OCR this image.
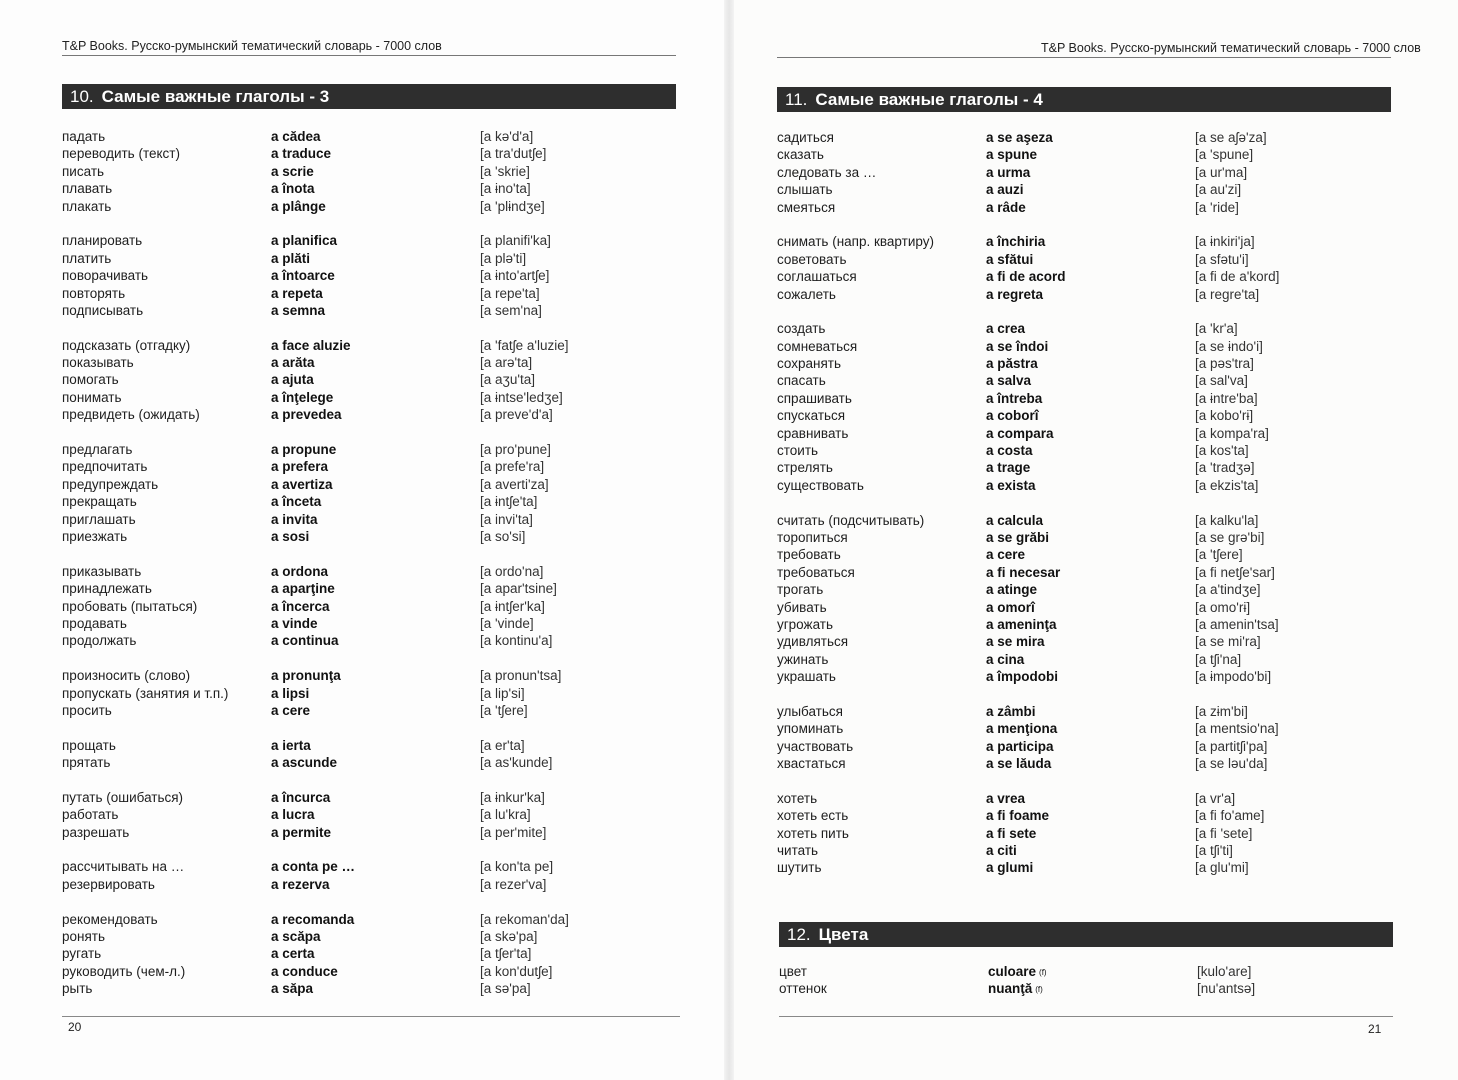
T&P Books. Русско-румынский тематический словарь - 7000 слов
10. Самые важные глаголы - 3
падать	a cădea	[a kə'd'a]
переводить (текст)	a traduce	[a tra'dutʃe]
писать	a scrie	[a 'skrie]
плавать	a înota	[a ɨno'ta]
плакать	a plânge	[a 'plɨndʒe]
планировать	a planifica	[a planifi'ka]
платить	a plăti	[a plə'ti]
поворачивать	a întoarce	[a ɨnto'artʃe]
повторять	a repeta	[a repe'ta]
подписывать	a semna	[a sem'na]
подсказать (отгадку)	a face aluzie	[a 'fatʃe a'luzie]
показывать	a arăta	[a arə'ta]
помогать	a ajuta	[a aʒu'ta]
понимать	a înţelege	[a ɨntse'ledʒe]
предвидеть (ожидать)	a prevedea	[a preve'd'a]
предлагать	a propune	[a pro'pune]
предпочитать	a prefera	[a prefe'ra]
предупреждать	a avertiza	[a averti'za]
прекращать	a înceta	[a ɨntʃe'ta]
приглашать	a invita	[a invi'ta]
приезжать	a sosi	[a so'si]
приказывать	a ordona	[a ordo'na]
принадлежать	a aparţine	[a apar'tsine]
пробовать (пытаться)	a încerca	[a ɨntʃer'ka]
продавать	a vinde	[a 'vinde]
продолжать	a continua	[a kontinu'a]
произносить (слово)	a pronunţa	[a pronun'tsa]
пропускать (занятия и т.п.)	a lipsi	[a lip'si]
просить	a cere	[a 'tʃere]
прощать	a ierta	[a er'ta]
прятать	a ascunde	[a as'kunde]
путать (ошибаться)	a încurca	[a ɨnkur'ka]
работать	a lucra	[a lu'kra]
разрешать	a permite	[a per'mite]
рассчитывать на …	a conta pe …	[a kon'ta pe]
резервировать	a rezerva	[a rezer'va]
рекомендовать	a recomanda	[a rekoman'da]
ронять	a scăpa	[a skə'pa]
ругать	a certa	[a tʃer'ta]
руководить (чем-л.)	a conduce	[a kon'dutʃe]
рыть	a săpa	[a sə'pa]
20
T&P Books. Русско-румынский тематический словарь - 7000 слов
11. Самые важные глаголы - 4
садиться	a se aşeza	[a se aʃə'za]
сказать	a spune	[a 'spune]
следовать за …	a urma	[a ur'ma]
слышать	a auzi	[a au'zi]
смеяться	a râde	[a 'ride]
снимать (напр. квартиру)	a închiria	[a ɨnkiri'ja]
советовать	a sfătui	[a sfətu'i]
соглашаться	a fi de acord	[a fi de a'kord]
сожалеть	a regreta	[a regre'ta]
создать	a crea	[a 'kr'a]
сомневаться	a se îndoi	[a se ɨndo'i]
сохранять	a păstra	[a pəs'tra]
спасать	a salva	[a sal'va]
спрашивать	a întreba	[a ɨntre'ba]
спускаться	a coborî	[a kobo'rɨ]
сравнивать	a compara	[a kompa'ra]
стоить	a costa	[a kos'ta]
стрелять	a trage	[a 'tradʒə]
существовать	a exista	[a ekzis'ta]
считать (подсчитывать)	a calcula	[a kalku'la]
торопиться	a se grăbi	[a se grə'bi]
требовать	a cere	[a 'tʃere]
требоваться	a fi necesar	[a fi netʃe'sar]
трогать	a atinge	[a a'tindʒe]
убивать	a omorî	[a omo'rɨ]
угрожать	a ameninţa	[a amenin'tsa]
удивляться	a se mira	[a se mi'ra]
ужинать	a cina	[a tʃi'na]
украшать	a împodobi	[a ɨmpodo'bi]
улыбаться	a zâmbi	[a zɨm'bi]
упоминать	a menţiona	[a mentsio'na]
участвовать	a participa	[a partitʃi'pa]
хвастаться	a se lăuda	[a se ləu'da]
хотеть	a vrea	[a vr'a]
хотеть есть	a fi foame	[a fi fo'ame]
хотеть пить	a fi sete	[a fi 'sete]
читать	a citi	[a tʃi'ti]
шутить	a glumi	[a glu'mi]
12. Цвета
цвет	culoare (f)	[kulo'are]
оттенок	nuanţă (f)	[nu'antsə]
21
